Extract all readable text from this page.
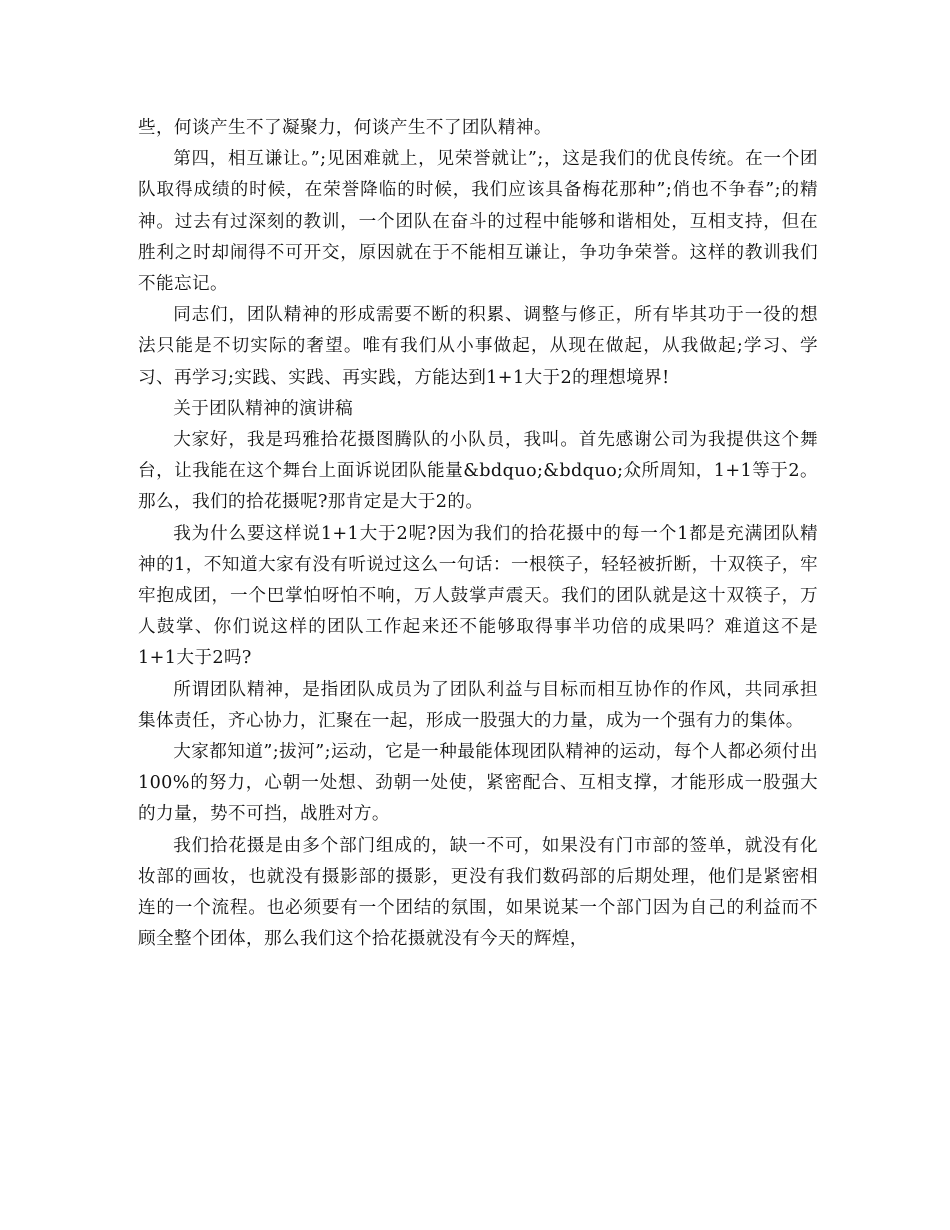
些，何谈产生不了凝聚力，何谈产生不了团队精神。

第四，相互谦让。”;见困难就上，见荣誉就让”;，这是我们的优良传统。在一个团队取得成绩的时候，在荣誉降临的时候，我们应该具备梅花那种”;俏也不争春”;的精神。过去有过深刻的教训，一个团队在奋斗的过程中能够和谐相处，互相支持，但在胜利之时却闹得不可开交，原因就在于不能相互谦让，争功争荣誉。这样的教训我们不能忘记。

同志们，团队精神的形成需要不断的积累、调整与修正，所有毕其功于一役的想法只能是不切实际的奢望。唯有我们从小事做起，从现在做起，从我做起;学习、学习、再学习;实践、实践、再实践，方能达到1+1大于2的理想境界!

关于团队精神的演讲稿

大家好，我是玛雅拾花摄图腾队的小队员，我叫。首先感谢公司为我提供这个舞台，让我能在这个舞台上面诉说团队能量&bdquo;&bdquo;众所周知，1+1等于2。那么，我们的拾花摄呢?那肯定是大于2的。

我为什么要这样说1+1大于2呢?因为我们的拾花摄中的每一个1都是充满团队精神的1，不知道大家有没有听说过这么一句话：一根筷子，轻轻被折断，十双筷子，牢牢抱成团，一个巴掌怕呀怕不响，万人鼓掌声震天。我们的团队就是这十双筷子，万人鼓掌、你们说这样的团队工作起来还不能够取得事半功倍的成果吗？难道这不是1+1大于2吗?

所谓团队精神，是指团队成员为了团队利益与目标而相互协作的作风，共同承担集体责任，齐心协力，汇聚在一起，形成一股强大的力量，成为一个强有力的集体。

大家都知道”;拔河”;运动，它是一种最能体现团队精神的运动，每个人都必须付出100%的努力，心朝一处想、劲朝一处使，紧密配合、互相支撑，才能形成一股强大的力量，势不可挡，战胜对方。

我们拾花摄是由多个部门组成的，缺一不可，如果没有门市部的签单，就没有化妆部的画妆，也就没有摄影部的摄影，更没有我们数码部的后期处理，他们是紧密相连的一个流程。也必须要有一个团结的氛围，如果说某一个部门因为自己的利益而不顾全整个团体，那么我们这个拾花摄就没有今天的辉煌，
